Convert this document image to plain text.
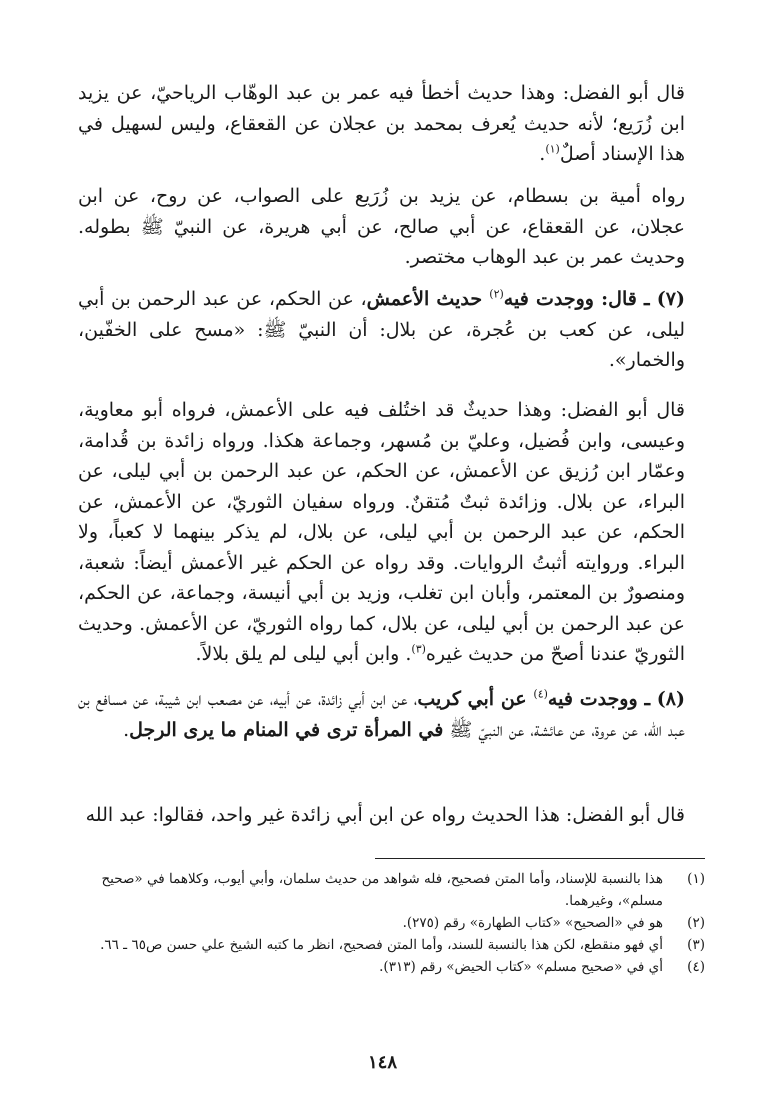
قال أبو الفضل: وهذا حديث أخطأ فيه عمر بن عبد الوهّاب الرياحيّ، عن يزيد ابن زُرَيع؛ لأنه حديث يُعرف بمحمد بن عجلان عن القعقاع، وليس لسهيل في هذا الإسناد أصلٌ$^{(١)}$.

رواه أمية بن بسطام، عن يزيد بن زُرَيع على الصواب، عن روح، عن ابن عجلان، عن القعقاع، عن أبي صالح، عن أبي هريرة، عن النبيّ ﷺ بطوله. وحديث عمر بن عبد الوهاب مختصر.

(٧) ـ قال: ووجدت فيه$^{(٢)}$ حديث الأعمش، عن الحكم، عن عبد الرحمن بن أبي ليلى، عن كعب بن عُجرة، عن بلال: أن النبيّ ﷺ: «مسح على الخفّين، والخمار».

قال أبو الفضل: وهذا حديثٌ قد اختُلف فيه على الأعمش، فرواه أبو معاوية، وعيسى، وابن فُضيل، وعليّ بن مُسهر، وجماعة هكذا. ورواه زائدة بن قُدامة، وعمّار ابن رُزيق عن الأعمش، عن الحكم، عن عبد الرحمن بن أبي ليلى، عن البراء، عن بلال. وزائدة ثبتٌ مُتقنٌ. ورواه سفيان الثوريّ، عن الأعمش، عن الحكم، عن عبد الرحمن بن أبي ليلى، عن بلال، لم يذكر بينهما لا كعباً، ولا البراء. وروايته أثبتُ الروايات. وقد رواه عن الحكم غير الأعمش أيضاً: شعبة، ومنصورٌ بن المعتمر، وأبان ابن تغلب، وزيد بن أبي أنيسة، وجماعة، عن الحكم، عن عبد الرحمن بن أبي ليلى، عن بلال، كما رواه الثوريّ، عن الأعمش. وحديث الثوريّ عندنا أصحّ من حديث غيره$^{(٣)}$. وابن أبي ليلى لم يلق بلالاً.

(٨) ـ ووجدت فيه$^{(٤)}$ عن أبي كريب، عن ابن أبي زائدة، عن أبيه، عن مصعب ابن شيبة، عن مسافع بن عبد الله، عن عروة، عن عائشة، عن النبيّ ﷺ في المرأة ترى في المنام ما يرى الرجل.

قال أبو الفضل: هذا الحديث رواه عن ابن أبي زائدة غير واحد، فقالوا: عبد الله

(١)
هذا بالنسبة للإسناد، وأما المتن فصحيح، فله شواهد من حديث سلمان، وأبي أيوب، وكلاهما في «صحيح مسلم»، وغيرهما.
(٢)
هو في «الصحيح» «كتاب الطهارة» رقم (٢٧٥).
(٣)
أي فهو منقطع، لكن هذا بالنسبة للسند، وأما المتن فصحيح، انظر ما كتبه الشيخ علي حسن ص٦٥ ـ ٦٦.
(٤)
أي في «صحيح مسلم» «كتاب الحيض» رقم (٣١٣).
١٤٨
